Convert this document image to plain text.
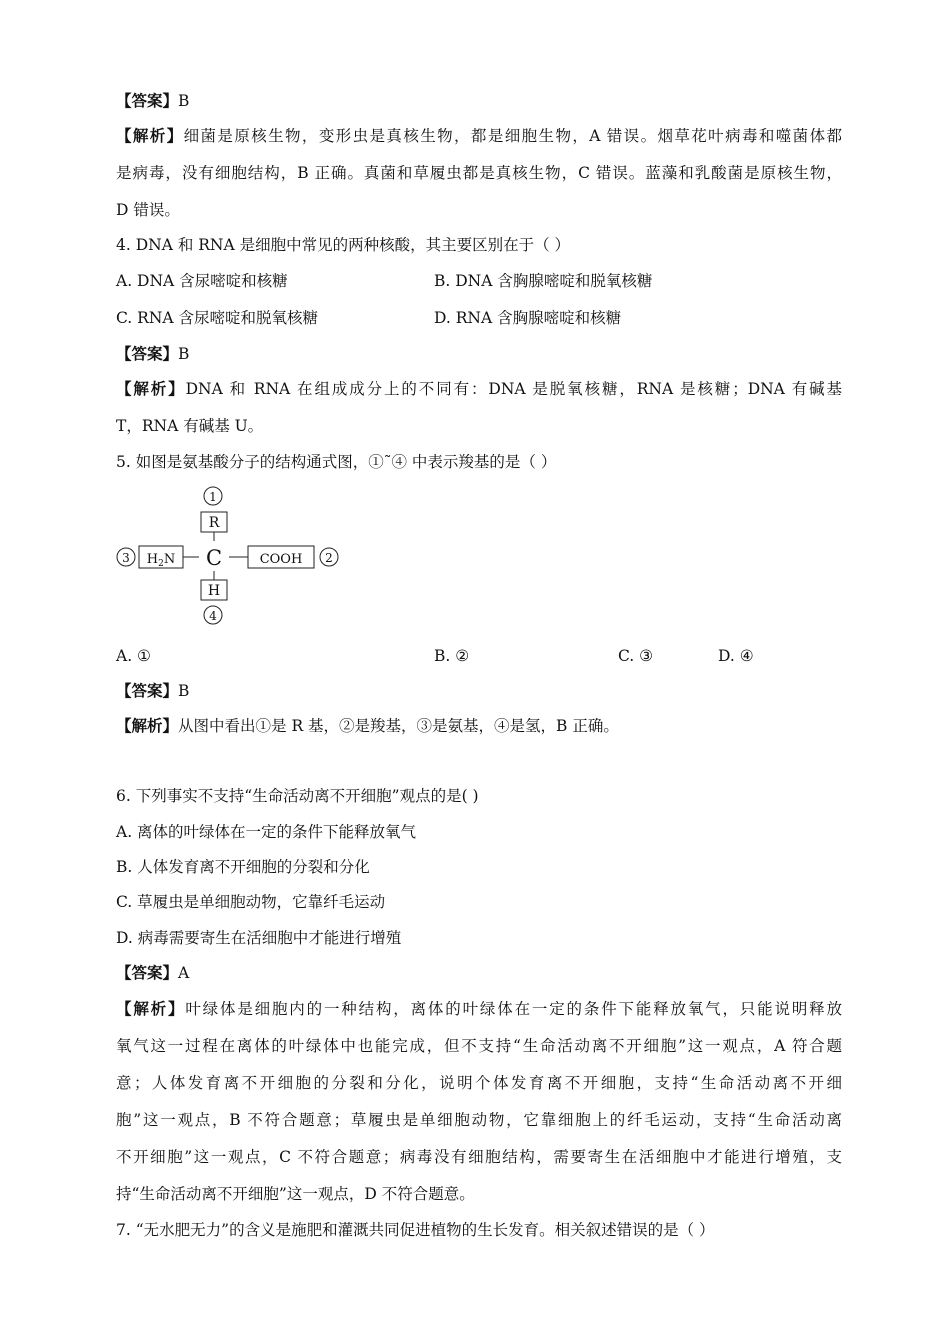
【答案】B
【解析】细菌是原核生物，变形虫是真核生物，都是细胞生物，A 错误。烟草花叶病毒和噬菌体都
是病毒，没有细胞结构，B 正确。真菌和草履虫都是真核生物，C 错误。蓝藻和乳酸菌是原核生物，
D 错误。
4. DNA 和 RNA 是细胞中常见的两种核酸，其主要区别在于（ ）
A. DNA 含尿嘧啶和核糖	B. DNA 含胸腺嘧啶和脱氧核糖
C. RNA 含尿嘧啶和脱氧核糖	D. RNA 含胸腺嘧啶和核糖
【答案】B
【解析】DNA 和 RNA 在组成成分上的不同有：DNA 是脱氧核糖，RNA 是核糖；DNA 有碱基
T，RNA 有碱基 U。
5. 如图是氨基酸分子的结构通式图，①˜④ 中表示羧基的是（ ）
1
R
C
3 $H_2N$	COOH 2
H
4
A. ①	B. ②	C. ③	D. ④
【答案】B
【解析】从图中看出①是 R 基，②是羧基，③是氨基，④是氢，B 正确。
6. 下列事实不支持“生命活动离不开细胞”观点的是( )
A. 离体的叶绿体在一定的条件下能释放氧气
B. 人体发育离不开细胞的分裂和分化
C. 草履虫是单细胞动物，它靠纤毛运动
D. 病毒需要寄生在活细胞中才能进行增殖
【答案】A
【解析】叶绿体是细胞内的一种结构，离体的叶绿体在一定的条件下能释放氧气，只能说明释放
氧气这一过程在离体的叶绿体中也能完成，但不支持“生命活动离不开细胞”这一观点，A 符合题
意；人体发育离不开细胞的分裂和分化，说明个体发育离不开细胞，支持“生命活动离不开细
胞”这一观点，B 不符合题意；草履虫是单细胞动物，它靠细胞上的纤毛运动，支持“生命活动离
不开细胞”这一观点，C 不符合题意；病毒没有细胞结构，需要寄生在活细胞中才能进行增殖，支
持“生命活动离不开细胞”这一观点，D 不符合题意。
7. “无水肥无力”的含义是施肥和灌溉共同促进植物的生长发育。相关叙述错误的是（ ）
